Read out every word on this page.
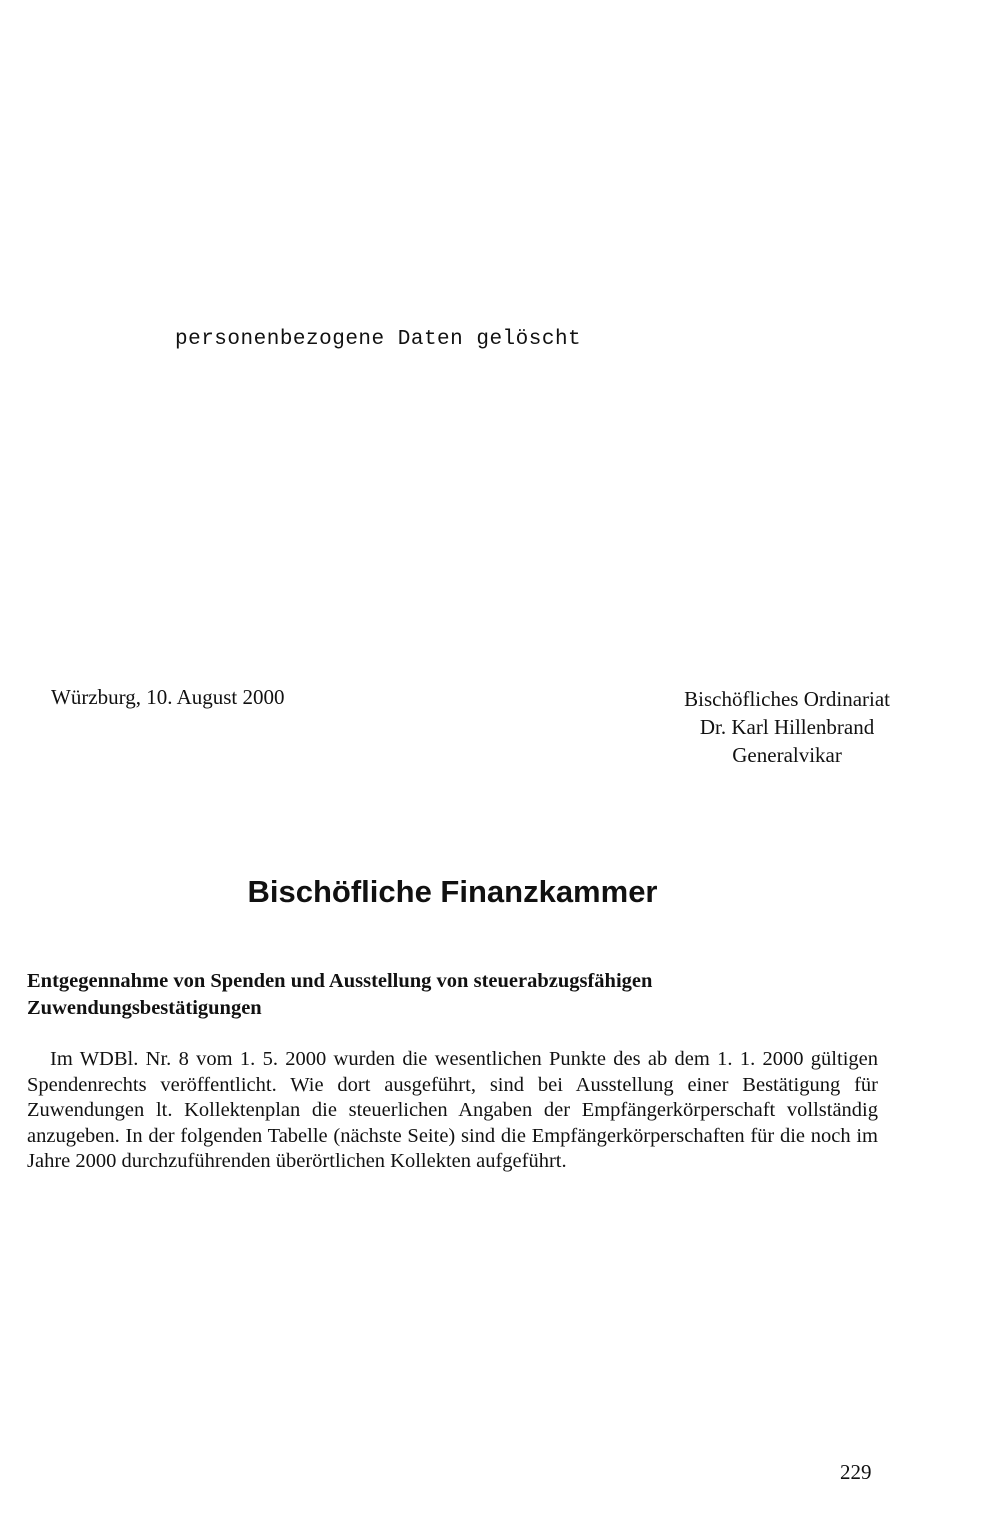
personenbezogene Daten gelöscht
Würzburg, 10. August 2000	Bischöfliches Ordinariat
Dr. Karl Hillenbrand
Generalvikar
Bischöfliche Finanzkammer
Entgegennahme von Spenden und Ausstellung von steuerabzugsfähigen Zuwendungsbestätigungen
Im WDBl. Nr. 8 vom 1. 5. 2000 wurden die wesentlichen Punkte des ab dem 1. 1. 2000 gültigen Spendenrechts veröffentlicht. Wie dort ausgeführt, sind bei Ausstellung einer Bestätigung für Zuwendungen lt. Kollektenplan die steuerlichen Angaben der Empfängerkörperschaft vollständig anzugeben. In der folgenden Tabelle (nächste Seite) sind die Empfängerkörperschaften für die noch im Jahre 2000 durchzuführenden überörtlichen Kollekten aufgeführt.
229
